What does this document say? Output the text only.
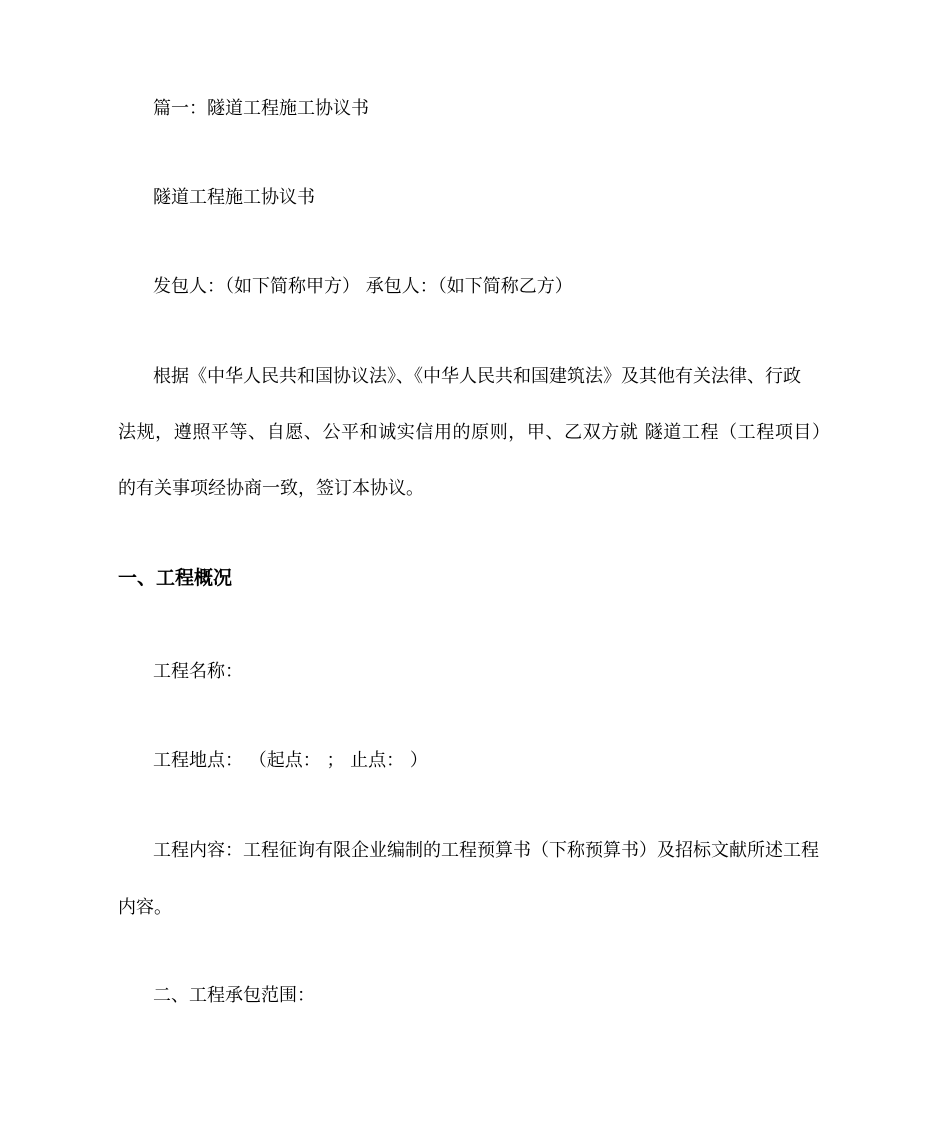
篇一：隧道工程施工协议书
隧道工程施工协议书
发包人：（如下简称甲方） 承包人：（如下简称乙方）
根据《中华人民共和国协议法》、《中华人民共和国建筑法》及其他有关法律、行政
法规，遵照平等、自愿、公平和诚实信用的原则，甲、乙双方就 隧道工程（工程项目）
的有关事项经协商一致，签订本协议。
一、工程概况
工程名称：
工程地点： （起点： ； 止点： ）
工程内容：工程征询有限企业编制的工程预算书（下称预算书）及招标文献所述工程
内容。
二、工程承包范围：
